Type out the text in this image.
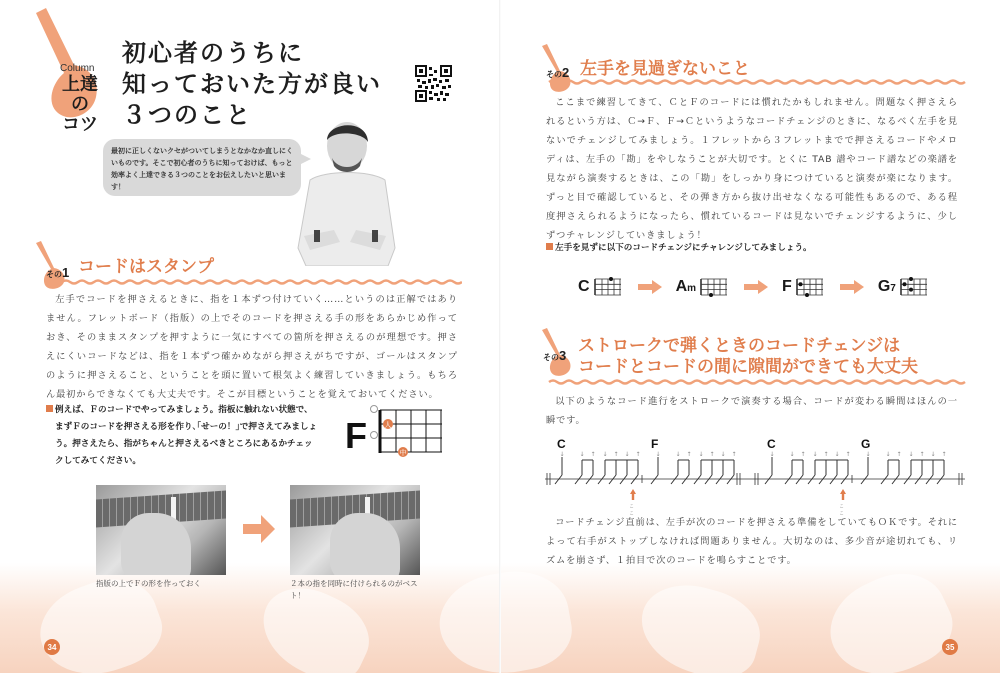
Column
上達の
コツ
初心者のうちに
知っておいた方が良い
３つのこと
最初に正しくないクセがついてしまうとなかなか直しにくいものです。そこで初心者のうちに知っておけば、もっと効率よく上達できる３つのことをお伝えしたいと思います！
その1 コードはスタンプ

左手でコードを押さえるときに、指を１本ずつ付けていく……というのは正解ではありません。フレットボード（指版）の上でそのコードを押さえる手の形をあらかじめ作っておき、そのままスタンプを押すように一気にすべての箇所を押さえるのが理想です。押さえにくいコードなどは、指を１本ずつ確かめながら押さえがちですが、ゴールはスタンプのように押さえること、ということを頭に置いて根気よく練習していきましょう。もちろん最初からできなくても大丈夫です。そこが目標ということを覚えておいてください。

例えば、Ｆのコードでやってみましょう。指板に触れない状態で、
まずＦのコードを押さえる形を作り､｢せーの！｣で押さえてみましょ
う。押さえたら、指がちゃんと押さえるべきところにあるかチェッ
クしてみてください。
F	人
中
指版の上でＦの形を作っておく	２本の指を同時に付けられるのがベスト！
34
その2 左手を見過ぎないこと

ここまで練習してきて、ＣとＦのコードには慣れたかもしれません。問題なく押さえられるという方は、Ｃ→Ｆ、Ｆ→Ｃというようなコードチェンジのときに、なるべく左手を見ないでチェンジしてみましょう。１フレットから３フレットまでで押さえるコードやメロディは、左手の「勘」をやしなうことが大切です。とくに TAB 譜やコード譜などの楽譜を見ながら演奏するときは、この「勘」をしっかり身につけていると演奏が楽になります。ずっと目で確認していると、その弾き方から抜け出せなくなる可能性もあるので、ある程度押さえられるようになったら、慣れているコードは見ないでチェンジするように、少しずつチャレンジしていきましょう！

左手を見ずに以下のコードチェンジにチャレンジしてみましょう。
C	Am	F	G7
その3 ストロークで弾くときのコードチェンジは
コードとコードの間に隙間ができても大丈夫

以下のようなコード進行をストロークで演奏する場合、コードが変わる瞬間はほんの一瞬です。

C	F	C	G
↓ ↓ ↑ ↓ ↑ ↓ ↑ ↓ ↓ ↑ ↓ ↑ ↓ ↑	↓ ↓ ↑ ↓ ↑ ↓ ↑ ↓ ↓ ↑ ↓ ↑ ↓ ↑
ここ
ここ

コードチェンジ直前は、左手が次のコードを押さえる準備をしていてもＯＫです。それによって右手がストップしなければ問題ありません。大切なのは、多少音が途切れても、リズムを崩さず、１拍目で次のコードを鳴らすことです。

35
